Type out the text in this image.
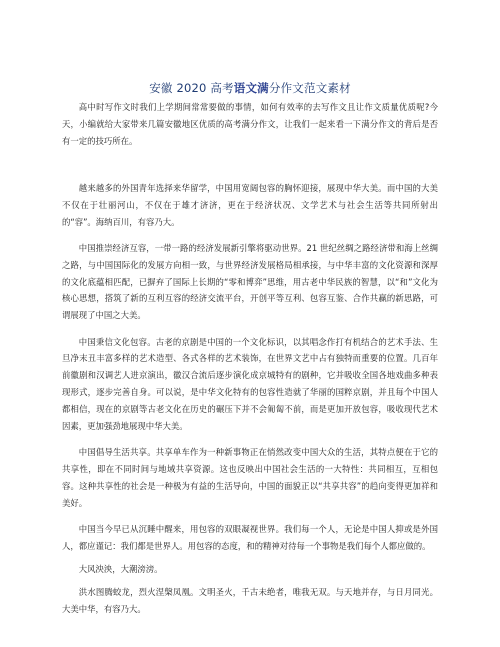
安徽 2020 高考语文满分作文范文素材

高中时写作文时我们上学期间常常要做的事情，如何有效率的去写作文且让作文质量优质呢?今天，小编就给大家带来几篇安徽地区优质的高考满分作文，让我们一起来看一下满分作文的背后是否有一定的技巧所在。

越来越多的外国青年选择来华留学，中国用宽阔包容的胸怀迎接，展现中华大美。而中国的大美不仅在于壮丽河山，不仅在于雄才济济，更在于经济状况、文学艺术与社会生活等共同所射出的“容”。海纳百川，有容乃大。

中国推崇经济互容，一带一路的经济发展新引擎将驱动世界。21 世纪丝绸之路经济带和海上丝绸之路，与中国国际化的发展方向相一致，与世界经济发展格局相承接，与中华丰富的文化资源和深厚的文化底蕴相匹配，已摒弃了国际上长期的“零和博弈”思维，用古老中华民族的智慧，以“和”文化为核心思想，搭筑了新的互利互容的经济交流平台，开创平等互利、包容互鉴、合作共赢的新思路，可谓展现了中国之大美。

中国秉信文化包容。古老的京剧是中国的一个文化标识，以其唱念作打有机结合的艺术手法、生旦净末丑丰富多样的艺术造型、各式各样的艺术装饰，在世界文艺中占有独特而重要的位置。几百年前徽剧和汉调艺人进京演出，徽汉合流后逐步演化成京城特有的剧种，它并吸收全国各地戏曲多种表现形式，逐步完善自身。可以说，是中华文化特有的包容性造就了华丽的国粹京剧，并且每个中国人都相信，现在的京剧等古老文化在历史的碾压下并不会匍匐不前，而是更加开放包容，吸收现代艺术因素，更加强劲地展现中华大美。

中国倡导生活共享。共享单车作为一种新事物正在悄然改变中国大众的生活，其特点便在于它的共享性，即在不同时间与地域共享资源。这也反映出中国社会生活的一大特性：共同相互，互相包容。这种共享性的社会是一种极为有益的生活导向，中国的面貌正以“共享共容”的趋向变得更加祥和美好。

中国当今早已从沉睡中醒来，用包容的双眼凝视世界。我们每一个人，无论是中国人抑或是外国人，都应谨记：我们都是世界人。用包容的态度，和的精神对待每一个事物是我们每个人都应做的。

大风泱泱，大潮滂滂。

洪水图腾蛟龙，烈火涅槃凤凰。文明圣火，千古未绝者，唯我无双。与天地并存，与日月同光。大美中华，有容乃大。
